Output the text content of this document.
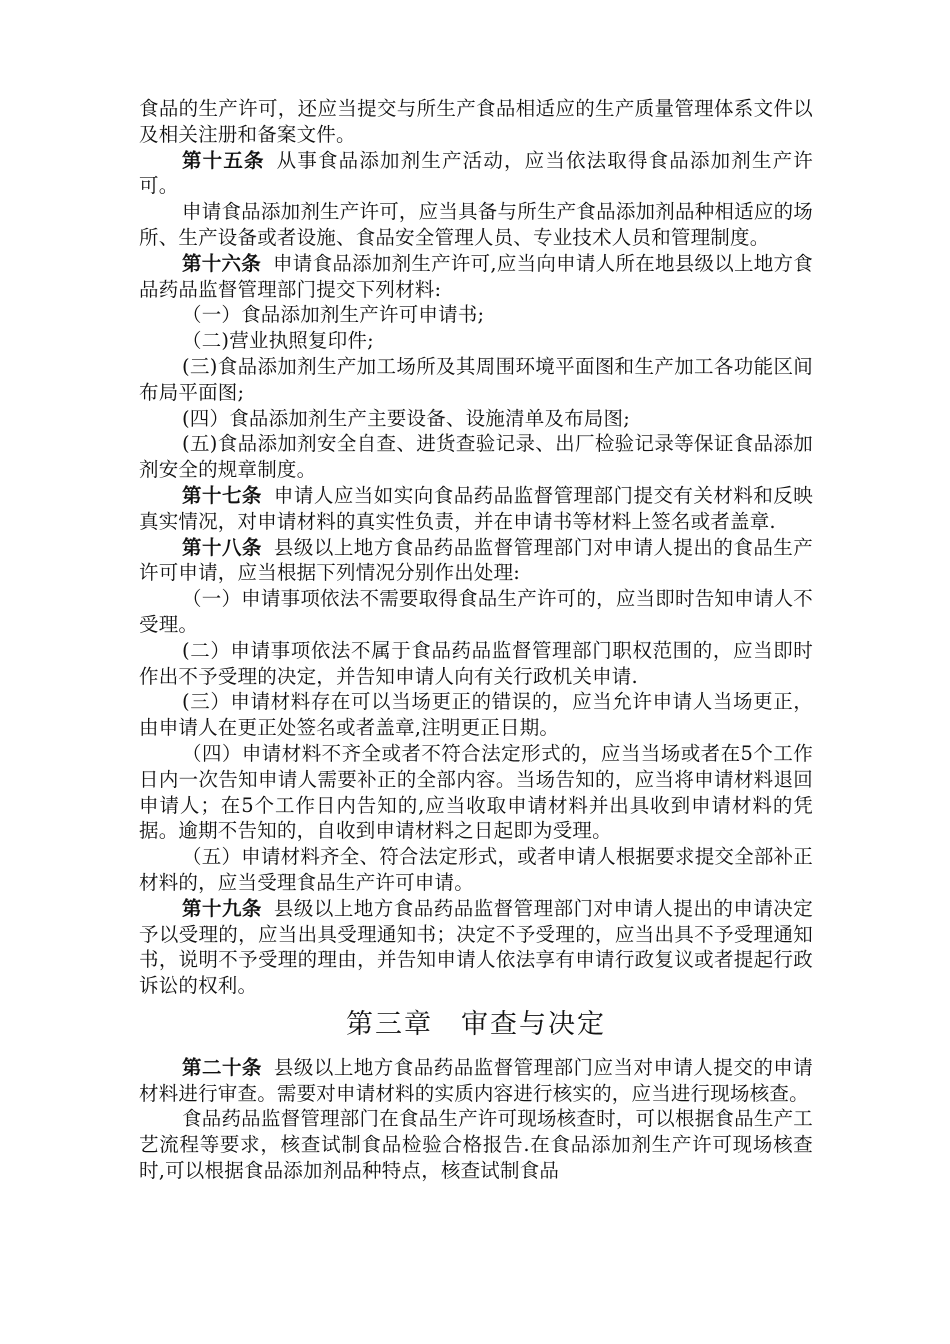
食品的生产许可，还应当提交与所生产食品相适应的生产质量管理体系文件以及相关注册和备案文件。

第十五条 从事食品添加剂生产活动，应当依法取得食品添加剂生产许可。

申请食品添加剂生产许可，应当具备与所生产食品添加剂品种相适应的场所、生产设备或者设施、食品安全管理人员、专业技术人员和管理制度。

第十六条 申请食品添加剂生产许可,应当向申请人所在地县级以上地方食品药品监督管理部门提交下列材料:

（一）食品添加剂生产许可申请书;

（二)营业执照复印件;

(三)食品添加剂生产加工场所及其周围环境平面图和生产加工各功能区间布局平面图;

(四）食品添加剂生产主要设备、设施清单及布局图;

(五)食品添加剂安全自查、进货查验记录、出厂检验记录等保证食品添加剂安全的规章制度。

第十七条 申请人应当如实向食品药品监督管理部门提交有关材料和反映真实情况，对申请材料的真实性负责，并在申请书等材料上签名或者盖章.

第十八条 县级以上地方食品药品监督管理部门对申请人提出的食品生产许可申请，应当根据下列情况分别作出处理:

（一）申请事项依法不需要取得食品生产许可的，应当即时告知申请人不受理。

(二）申请事项依法不属于食品药品监督管理部门职权范围的，应当即时作出不予受理的决定，并告知申请人向有关行政机关申请.

(三）申请材料存在可以当场更正的错误的，应当允许申请人当场更正，由申请人在更正处签名或者盖章,注明更正日期。

（四）申请材料不齐全或者不符合法定形式的，应当当场或者在5个工作日内一次告知申请人需要补正的全部内容。当场告知的，应当将申请材料退回申请人；在5个工作日内告知的,应当收取申请材料并出具收到申请材料的凭据。逾期不告知的，自收到申请材料之日起即为受理。

（五）申请材料齐全、符合法定形式，或者申请人根据要求提交全部补正材料的，应当受理食品生产许可申请。

第十九条 县级以上地方食品药品监督管理部门对申请人提出的申请决定予以受理的，应当出具受理通知书；决定不予受理的，应当出具不予受理通知书，说明不予受理的理由，并告知申请人依法享有申请行政复议或者提起行政诉讼的权利。

第三章 审查与决定

第二十条 县级以上地方食品药品监督管理部门应当对申请人提交的申请材料进行审查。需要对申请材料的实质内容进行核实的，应当进行现场核查。

食品药品监督管理部门在食品生产许可现场核查时，可以根据食品生产工艺流程等要求，核查试制食品检验合格报告.在食品添加剂生产许可现场核查时,可以根据食品添加剂品种特点，核查试制食品
